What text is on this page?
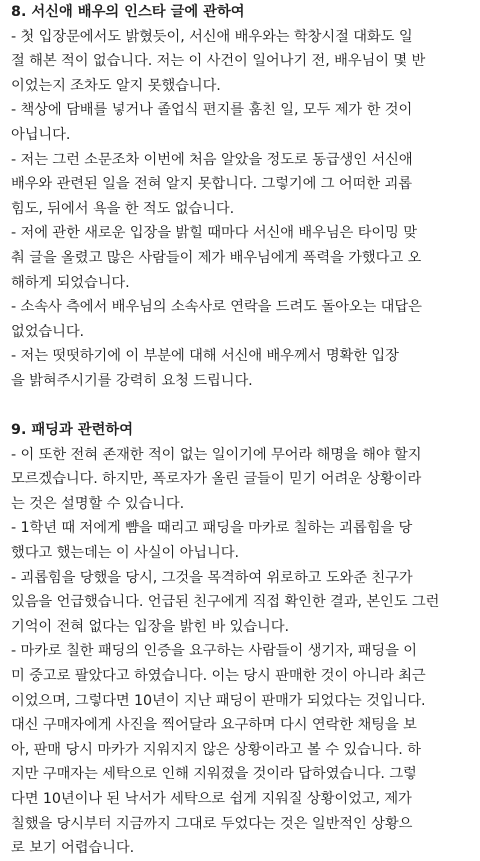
8. 서신애 배우의 인스타 글에 관하여
- 첫 입장문에서도 밝혔듯이, 서신애 배우와는 학창시절 대화도 일
절 해본 적이 없습니다. 저는 이 사건이 일어나기 전, 배우님이 몇 반
이었는지 조차도 알지 못했습니다.
- 책상에 담배를 넣거나 졸업식 편지를 훔친 일, 모두 제가 한 것이
아닙니다.
- 저는 그런 소문조차 이번에 처음 알았을 정도로 동급생인 서신애
배우와 관련된 일을 전혀 알지 못합니다. 그렇기에 그 어떠한 괴롭
힘도, 뒤에서 욕을 한 적도 없습니다.
- 저에 관한 새로운 입장을 밝힐 때마다 서신애 배우님은 타이밍 맞
춰 글을 올렸고 많은 사람들이 제가 배우님에게 폭력을 가했다고 오
해하게 되었습니다.
- 소속사 측에서 배우님의 소속사로 연락을 드려도 돌아오는 대답은
없었습니다.
- 저는 떳떳하기에 이 부분에 대해 서신애 배우께서 명확한 입장
을 밝혀주시기를 강력히 요청 드립니다.
9. 패딩과 관련하여
- 이 또한 전혀 존재한 적이 없는 일이기에 무어라 해명을 해야 할지
모르겠습니다. 하지만, 폭로자가 올린 글들이 믿기 어려운 상황이라
는 것은 설명할 수 있습니다.
- 1학년 때 저에게 뺨을 때리고 패딩을 마카로 칠하는 괴롭힘을 당
했다고 했는데는 이 사실이 아닙니다.
- 괴롭힘을 당했을 당시, 그것을 목격하여 위로하고 도와준 친구가
있음을 언급했습니다. 언급된 친구에게 직접 확인한 결과, 본인도 그런
기억이 전혀 없다는 입장을 밝힌 바 있습니다.
- 마카로 칠한 패딩의 인증을 요구하는 사람들이 생기자, 패딩을 이
미 중고로 팔았다고 하였습니다. 이는 당시 판매한 것이 아니라 최근
이었으며, 그렇다면 10년이 지난 패딩이 판매가 되었다는 것입니다.
대신 구매자에게 사진을 찍어달라 요구하며 다시 연락한 채팅을 보
아, 판매 당시 마카가 지워지지 않은 상황이라고 볼 수 있습니다. 하
지만 구매자는 세탁으로 인해 지워졌을 것이라 답하였습니다. 그렇
다면 10년이나 된 낙서가 세탁으로 쉽게 지워질 상황이었고, 제가
칠했을 당시부터 지금까지 그대로 두었다는 것은 일반적인 상황으
로 보기 어렵습니다.
